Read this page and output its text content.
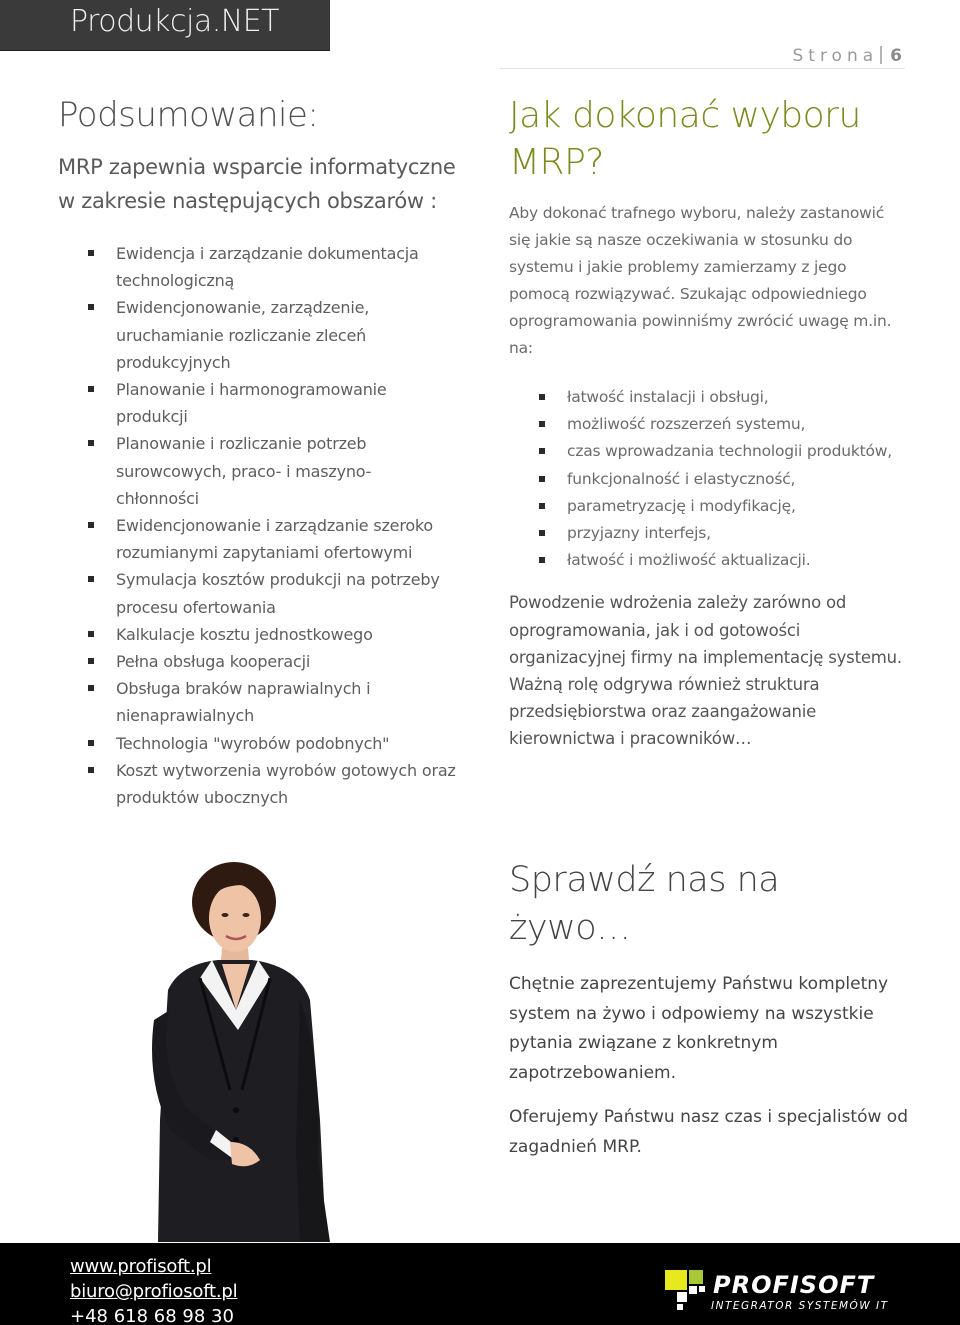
Produkcja.NET
Strona 6
Podsumowanie:
MRP zapewnia wsparcie informatyczne w zakresie następujących obszarów :
Ewidencja i zarządzanie dokumentacja technologiczną
Ewidencjonowanie, zarządzenie, uruchamianie rozliczanie zleceń produkcyjnych
Planowanie i harmonogramowanie produkcji
Planowanie i rozliczanie potrzeb surowcowych, praco- i maszyno- chłonności
Ewidencjonowanie i zarządzanie szeroko rozumianymi zapytaniami ofertowymi
Symulacja kosztów produkcji na potrzeby procesu ofertowania
Kalkulacje kosztu jednostkowego
Pełna obsługa kooperacji
Obsługa braków naprawialnych i nienaprawialnych
Technologia "wyrobów podobnych"
Koszt wytworzenia wyrobów gotowych oraz produktów ubocznych
Jak dokonać wyboru MRP?
Aby dokonać trafnego wyboru, należy zastanowić się jakie są nasze oczekiwania w stosunku do systemu i jakie problemy zamierzamy z jego pomocą rozwiązywać. Szukając odpowiedniego oprogramowania powinniśmy zwrócić uwagę m.in. na:
łatwość instalacji i obsługi,
możliwość rozszerzeń systemu,
czas wprowadzania technologii produktów,
funkcjonalność i elastyczność,
parametryzację i modyfikację,
przyjazny interfejs,
łatwość i możliwość aktualizacji.
Powodzenie wdrożenia zależy zarówno od oprogramowania, jak i od gotowości organizacyjnej firmy na implementację systemu. Ważną rolę odgrywa również struktura przedsiębiorstwa oraz zaangażowanie kierownictwa i pracowników…
Sprawdź nas na żywo…
Chętnie zaprezentujemy Państwu kompletny system na żywo i odpowiemy na wszystkie pytania związane z konkretnym zapotrzebowaniem.
Oferujemy Państwu nasz czas i specjalistów od zagadnień MRP.
www.profisoft.pl
biuro@profiosoft.pl
+48 618 68 98 30
PROFISOFT
INTEGRATOR SYSTEMÓW IT
